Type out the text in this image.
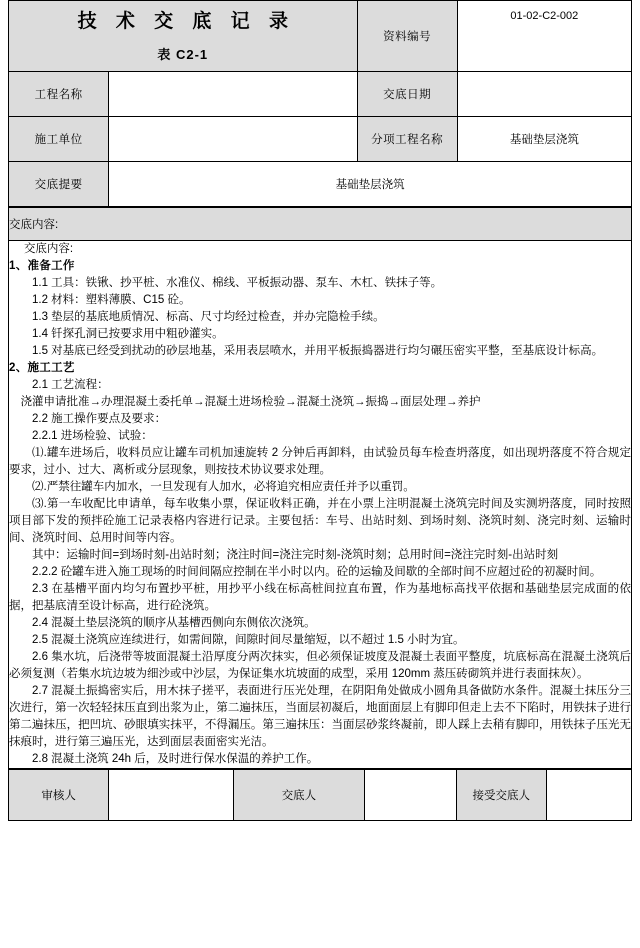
技 术 交 底 记 录
表 C2-1		资料编号	01-02-C2-002
工程名称		交底日期	
施工单位		分项工程名称	基础垫层浇筑
交底提要	基础垫层浇筑		
交底内容:

交底内容:

1、准备工作

1.1 工具：铁锹、抄平桩、水准仪、棉线、平板振动器、泵车、木杠、铁抹子等。

1.2 材料：塑料薄膜、C15 砼。

1.3 垫层的基底地质情况、标高、尺寸均经过检查，并办完隐检手续。

1.4 钎探孔洞已按要求用中粗砂灌实。

1.5 对基底已经受到扰动的砂层地基，采用表层喷水，并用平板振捣器进行均匀碾压密实平整，至基底设计标高。

2、施工工艺

2.1 工艺流程：

浇灌申请批准→办理混凝土委托单→混凝土进场检验→混凝土浇筑→振捣→面层处理→养护

2.2 施工操作要点及要求：

2.2.1 进场检验、试验：

⑴.罐车进场后，收料员应让罐车司机加速旋转 2 分钟后再卸料，由试验员每车检查坍落度，如出现坍落度不符合规定要求，过小、过大、离析或分层现象，则按技术协议要求处理。

⑵.严禁往罐车内加水，一旦发现有人加水，必将追究相应责任并予以重罚。

⑶.第一车收配比申请单，每车收集小票，保证收料正确，并在小票上注明混凝土浇筑完时间及实测坍落度，同时按照项目部下发的预拌砼施工记录表格内容进行记录。主要包括：车号、出站时刻、到场时刻、浇筑时刻、浇完时刻、运输时间、浇筑时间、总用时间等内容。

其中：运输时间=到场时刻-出站时刻；浇注时间=浇注完时刻-浇筑时刻；总用时间=浇注完时刻-出站时刻

2.2.2 砼罐车进入施工现场的时间间隔应控制在半小时以内。砼的运输及间歇的全部时间不应超过砼的初凝时间。

2.3 在基槽平面内均匀布置抄平桩，用抄平小线在标高桩间拉直布置，作为基地标高找平依据和基础垫层完成面的依据，把基底清至设计标高，进行砼浇筑。

2.4 混凝土垫层浇筑的顺序从基槽西侧向东侧依次浇筑。

2.5 混凝土浇筑应连续进行，如需间隙，间隙时间尽量缩短，以不超过 1.5 小时为宜。

2.6 集水坑，后浇带等坡面混凝土沿厚度分两次抹实，但必须保证坡度及混凝土表面平整度，坑底标高在混凝土浇筑后必须复测（若集水坑边坡为细沙或中沙层，为保证集水坑坡面的成型，采用 120mm 蒸压砖砌筑并进行表面抹灰）。

2.7 混凝土振捣密实后，用木抹子搓平，表面进行压光处理，在阴阳角处做成小圆角具备做防水条件。混凝土抹压分三次进行，第一次轻轻抹压直到出浆为止，第二遍抹压，当面层初凝后，地面面层上有脚印但走上去不下陷时，用铁抹子进行第二遍抹压，把凹坑、砂眼填实抹平，不得漏压。第三遍抹压：当面层砂浆终凝前，即人踩上去稍有脚印，用铁抹子压光无抹痕时，进行第三遍压光，达到面层表面密实光洁。

2.8 混凝土浇筑 24h 后，及时进行保水保温的养护工作。

审核人		交底人		接受交底人	
